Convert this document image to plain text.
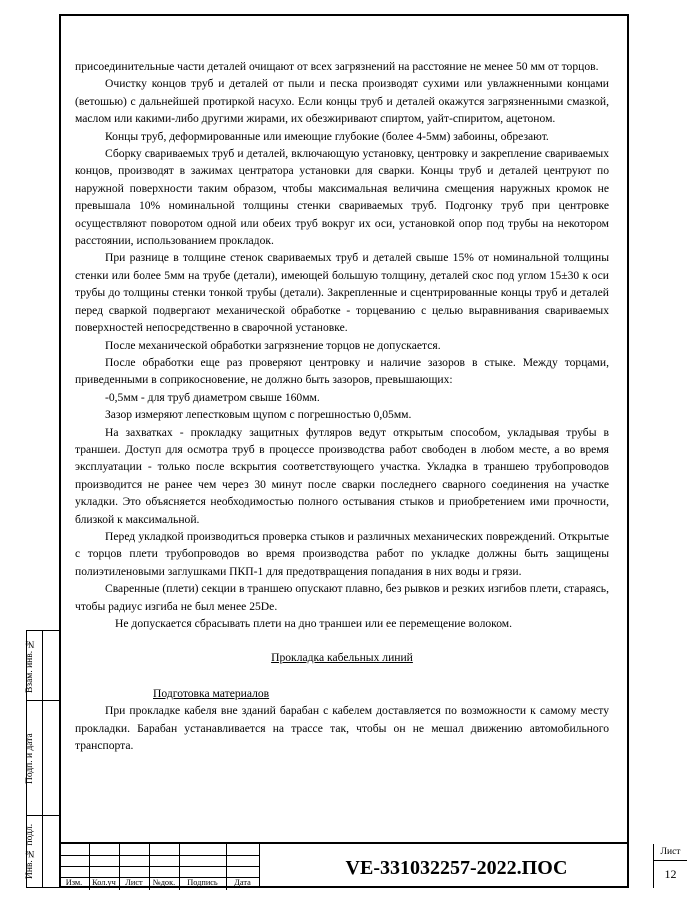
присоединительные части деталей очищают от всех загрязнений на расстояние не менее 50 мм от торцов.

Очистку концов труб и деталей от пыли и песка производят сухими или увлажненными концами (ветошью) с дальнейшей протиркой насухо. Если концы труб и деталей окажутся загрязненными смазкой, маслом или какими-либо другими жирами, их обезжиривают спиртом, уайт-спиритом, ацетоном.

Концы труб, деформированные или имеющие глубокие (более 4-5мм) забоины, обрезают.

Сборку свариваемых труб и деталей, включающую установку, центровку и закрепление свариваемых концов, производят в зажимах центратора установки для сварки. Концы труб и деталей центруют по наружной поверхности таким образом, чтобы максимальная величина смещения наружных кромок не превышала 10% номинальной толщины стенки свариваемых труб. Подгонку труб при центровке осуществляют поворотом одной или обеих труб вокруг их оси, установкой опор под трубы на некотором расстоянии, использованием прокладок.

При разнице в толщине стенок свариваемых труб и деталей свыше 15% от номинальной толщины стенки или более 5мм на трубе (детали), имеющей большую толщину, деталей скос под углом 15±30 к оси трубы до толщины стенки тонкой трубы (детали). Закрепленные и сцентрированные концы труб и деталей перед сваркой подвергают механической обработке - торцеванию с целью выравнивания свариваемых поверхностей непосредственно в сварочной установке.

После механической обработки загрязнение торцов не допускается.

После обработки еще раз проверяют центровку и наличие зазоров в стыке. Между торцами, приведенными в соприкосновение, не должно быть зазоров, превышающих:

-0,5мм - для труб диаметром свыше 160мм.

Зазор измеряют лепестковым щупом с погрешностью 0,05мм.

На захватках - прокладку защитных футляров ведут открытым способом, укладывая трубы в траншеи. Доступ для осмотра труб в процессе производства работ свободен в любом месте, а во время эксплуатации - только после вскрытия соответствующего участка. Укладка в траншею трубопроводов производится не ранее чем через 30 минут после сварки последнего сварного соединения на участке укладки. Это объясняется необходимостью полного остывания стыков и приобретением ими прочности, близкой к максимальной.

Перед укладкой производиться проверка стыков и различных механических повреждений. Открытые с торцов плети трубопроводов во время производства работ по укладке должны быть защищены полиэтиленовыми заглушками ПКП-1 для предотвращения попадания в них воды и грязи.

Сваренные (плети) секции в траншею опускают плавно, без рывков и резких изгибов плети, стараясь, чтобы радиус изгиба не был менее 25De.

Не допускается сбрасывать плети на дно траншеи или ее перемещение волоком.

Прокладка кабельных линий

Подготовка материалов

При прокладке кабеля вне зданий барабан с кабелем доставляется по возможности к самому месту прокладки. Барабан устанавливается на трассе так, чтобы он не мешал движению автомобильного транспорта.

Взам. инв. №
Подп. и дата
Инв. № подл.
Изм.	Кол.уч	Лист	№док.	Подпись	Дата
VE-331032257-2022.ПОС
Лист
12
